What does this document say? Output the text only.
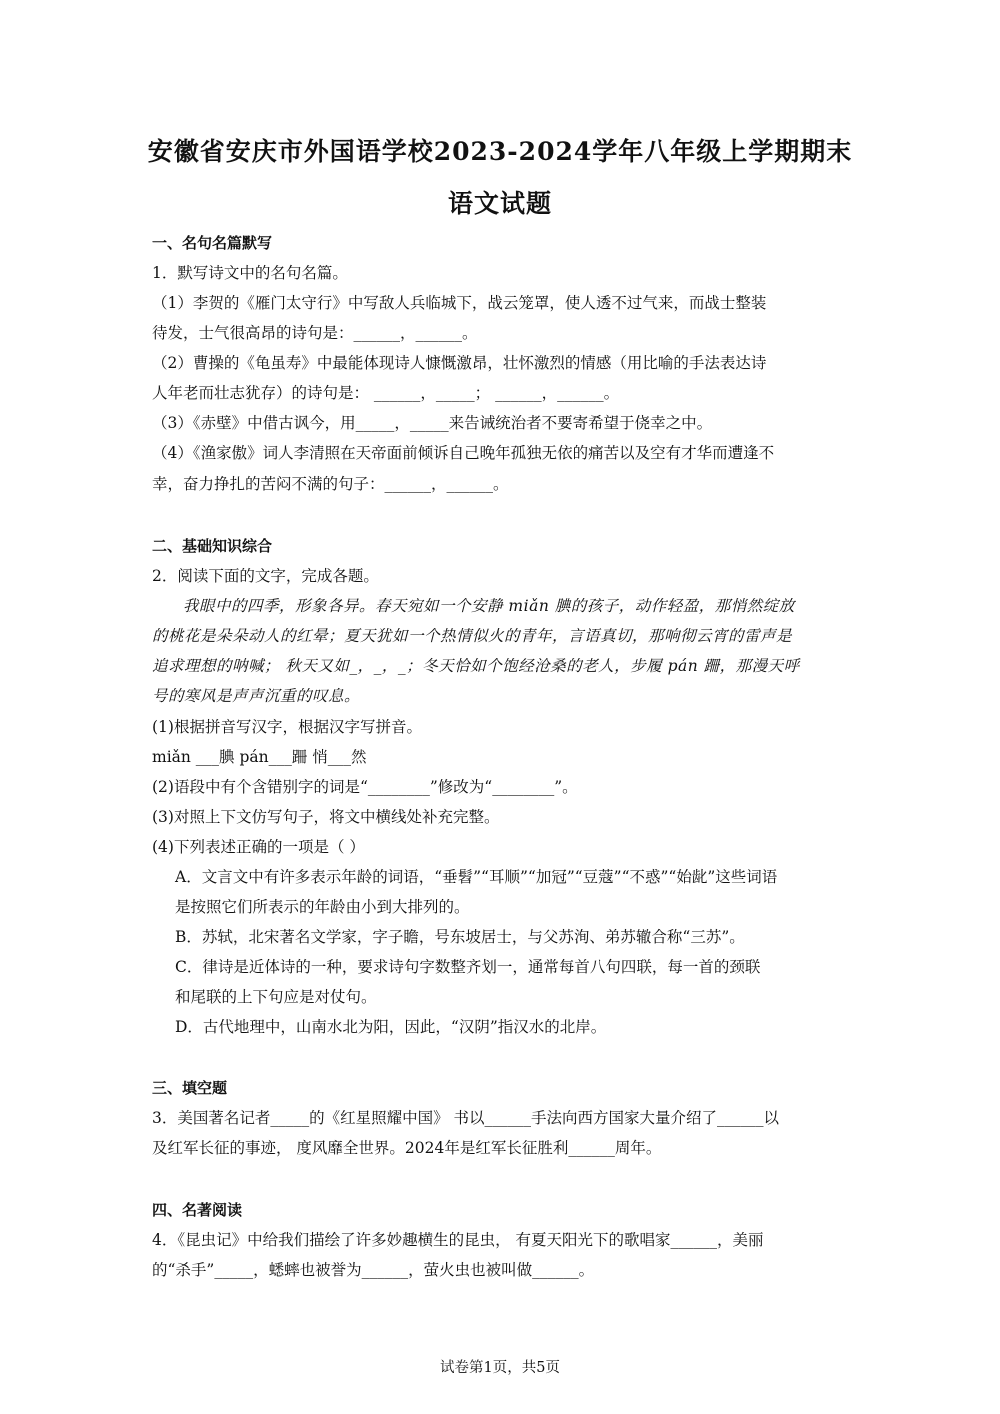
安徽省安庆市外国语学校2023-2024学年八年级上学期期末
语文试题
一、名句名篇默写
1．默写诗文中的名句名篇。
（1）李贺的《雁门太守行》中写敌人兵临城下，战云笼罩，使人透不过气来，而战士整装
待发，士气很高昂的诗句是：______，______。
（2）曹操的《龟虽寿》中最能体现诗人慷慨激昂，壮怀激烈的情感（用比喻的手法表达诗
人年老而壮志犹存）的诗句是： ______，_____； ______，______。
（3）《赤壁》中借古讽今，用_____，_____来告诫统治者不要寄希望于侥幸之中。
（4）《渔家傲》词人李清照在天帝面前倾诉自己晚年孤独无依的痛苦以及空有才华而遭逢不
幸，奋力挣扎的苦闷不满的句子：______，______。
二、基础知识综合
2．阅读下面的文字，完成各题。
我眼中的四季，形象各异。春天宛如一个安静 miǎn 腆的孩子，动作轻盈，那悄然绽放
的桃花是朵朵动人的红晕；夏天犹如一个热情似火的青年，言语真切，那响彻云宵的雷声是
追求理想的呐喊； 秋天又如_，_，_；冬天恰如个饱经沧桑的老人，步履 pán 跚，那漫天呼
号的寒风是声声沉重的叹息。
(1)根据拼音写汉字，根据汉字写拼音。
miǎn ___腆 pán___跚 悄___然
(2)语段中有个含错别字的词是“________”修改为“________”。
(3)对照上下文仿写句子，将文中横线处补充完整。
(4)下列表述正确的一项是（ ）
A．文言文中有许多表示年龄的词语，“垂髫”“耳顺”“加冠”“豆蔻”“不惑”“始龀”这些词语
是按照它们所表示的年龄由小到大排列的。
B．苏轼，北宋著名文学家，字子瞻，号东坡居士，与父苏洵、弟苏辙合称“三苏”。
C．律诗是近体诗的一种，要求诗句字数整齐划一，通常每首八句四联，每一首的颈联
和尾联的上下句应是对仗句。
D．古代地理中，山南水北为阳，因此，“汉阴”指汉水的北岸。
三、填空题
3．美国著名记者_____的《红星照耀中国》 书以______手法向西方国家大量介绍了______以
及红军长征的事迹， 度风靡全世界。2024年是红军长征胜利______周年。
四、名著阅读
4．《昆虫记》中给我们描绘了许多妙趣横生的昆虫， 有夏天阳光下的歌唱家______，美丽
的“杀手”_____，蟋蟀也被誉为______，萤火虫也被叫做______。
试卷第1页，共5页
